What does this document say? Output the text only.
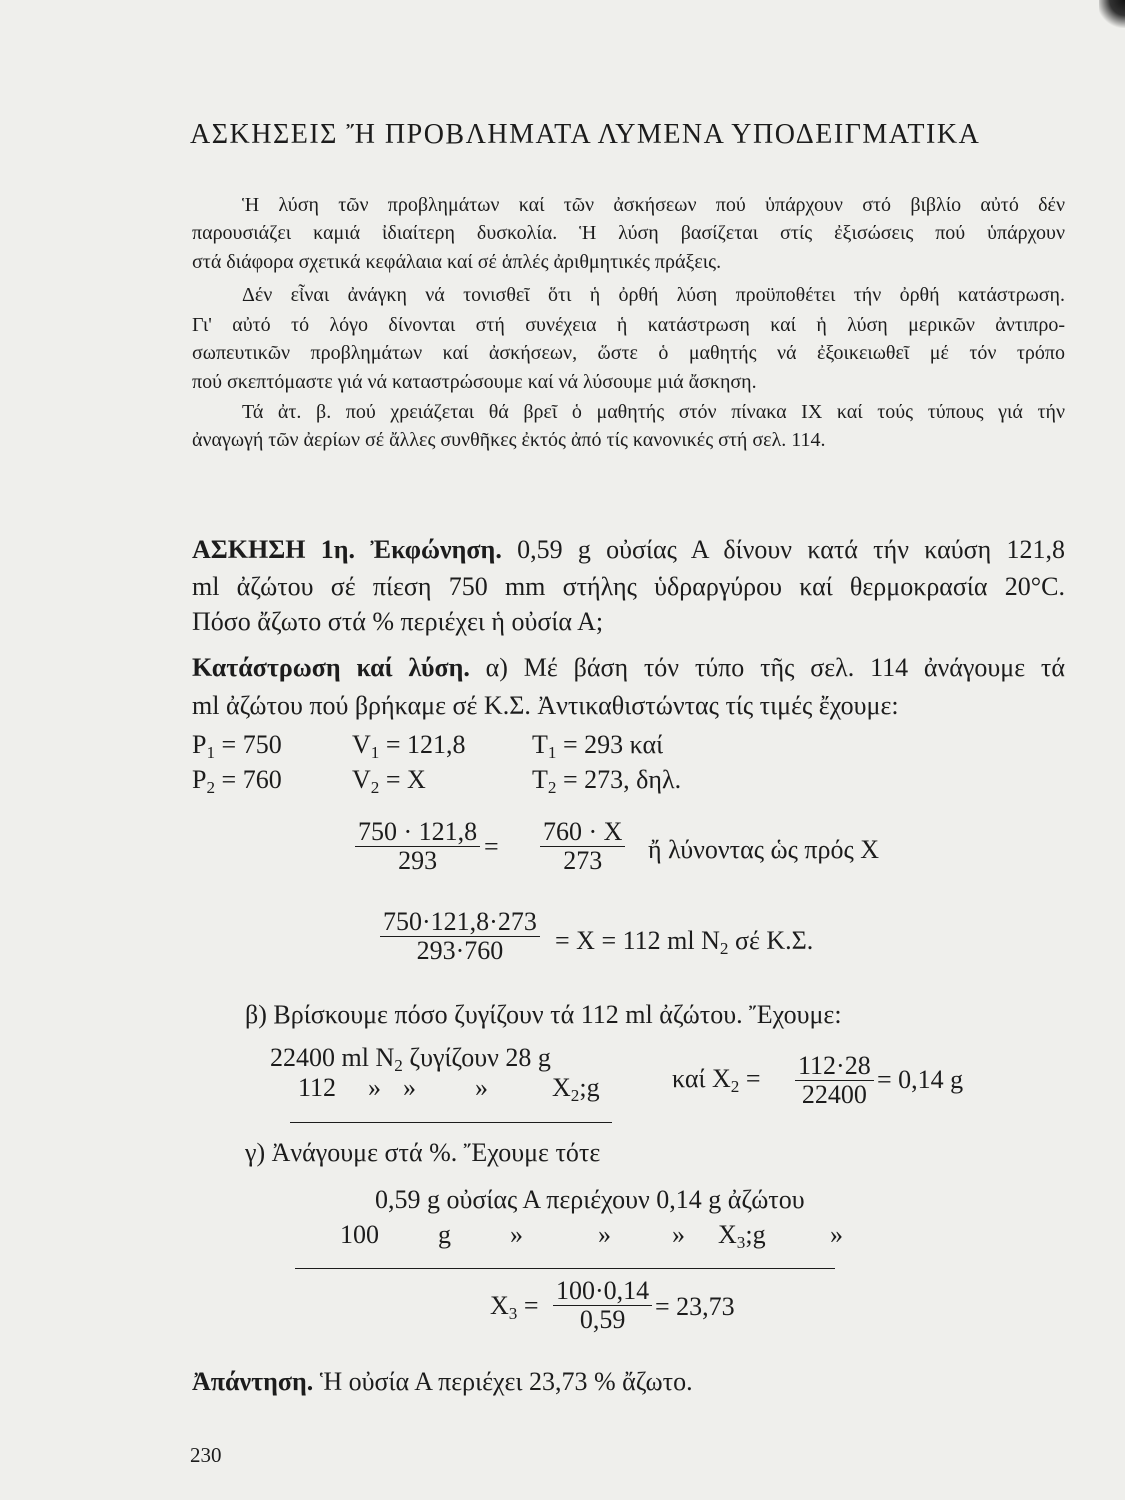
ΑΣΚΗΣΕΙΣ Ἤ ΠΡΟΒΛΗΜΑΤΑ ΛΥΜΕΝΑ ΥΠΟΔΕΙΓΜΑΤΙΚΑ
Ἡ λύση τῶν προβλημάτων καί τῶν ἀσκήσεων πού ὑπάρχουν στό βιβλίο αὐτό δέν
παρουσιάζει καμιά ἰδιαίτερη δυσκολία. Ἡ λύση βασίζεται στίς ἐξισώσεις πού ὑπάρχουν
στά διάφορα σχετικά κεφάλαια καί σέ ἁπλές ἀριθμητικές πράξεις.
Δέν εἶναι ἀνάγκη νά τονισθεῖ ὅτι ἡ ὀρθή λύση προϋποθέτει τήν ὀρθή κατάστρωση.
Γι' αὐτό τό λόγο δίνονται στή συνέχεια ἡ κατάστρωση καί ἡ λύση μερικῶν ἀντιπρο-
σωπευτικῶν προβλημάτων καί ἀσκήσεων, ὥστε ὁ μαθητής νά ἐξοικειωθεῖ μέ τόν τρόπο
πού σκεπτόμαστε γιά νά καταστρώσουμε καί νά λύσουμε μιά ἄσκηση.
Τά ἀτ. β. πού χρειάζεται θά βρεῖ ὁ μαθητής στόν πίνακα IX καί τούς τύπους γιά τήν
ἀναγωγή τῶν ἀερίων σέ ἄλλες συνθῆκες ἐκτός ἀπό τίς κανονικές στή σελ. 114.
ΑΣΚΗΣΗ 1η. Ἐκφώνηση. 0,59 g οὐσίας Α δίνουν κατά τήν καύση 121,8
ml ἀζώτου σέ πίεση 750 mm στήλης ὑδραργύρου καί θερμοκρασία 20°C.
Πόσο ἄζωτο στά % περιέχει ἡ οὐσία Α;
Κατάστρωση καί λύση. α) Μέ βάση τόν τύπο τῆς σελ. 114 ἀνάγουμε τά
ml ἀζώτου πού βρήκαμε σέ Κ.Σ. Ἀντικαθιστώντας τίς τιμές ἔχουμε:
$P_1 = 750$	$V_1 = 121,8$	$T_1 = 293$ καί
$P_2 = 760$	$V_2 = X$	$T_2 = 273$, δηλ.
$\frac{750 \cdot 121,8}{293} = \frac{760 \cdot X}{273}$ ἤ λύνοντας ὡς πρός X
$\frac{750\cdot 121,8\cdot 273}{293\cdot 760} = X = 112$ ml $N_2$ σέ Κ.Σ.
β) Βρίσκουμε πόσο ζυγίζουν τά 112 ml ἀζώτου. Ἔχουμε:
22400 ml $N_2$ ζυγίζουν 28 g
112 » » » $X_2;g$	καί $X_2 = \frac{112\cdot 28}{22400} = 0,14$ g
γ) Ἀνάγουμε στά %. Ἔχουμε τότε
0,59 g οὐσίας Α περιέχουν 0,14 g ἀζώτου
100 g »	» » $X_3;g$ »
$X_3 = \frac{100\cdot 0,14}{0,59} = 23,73$
Ἀπάντηση. Ἡ οὐσία Α περιέχει 23,73 % ἄζωτο.
230
